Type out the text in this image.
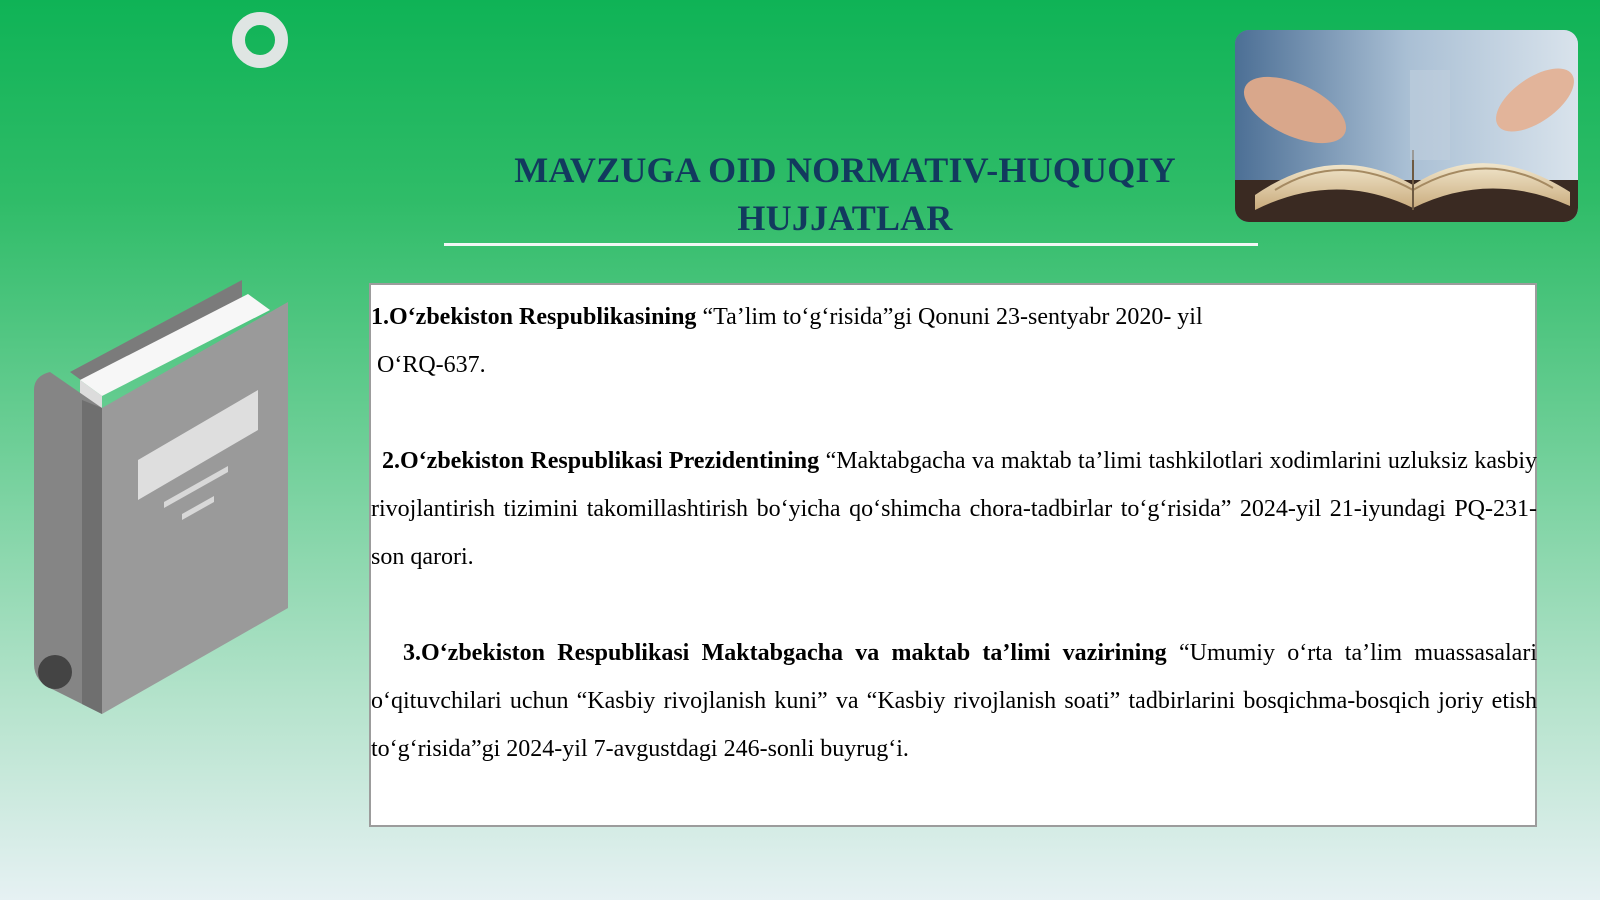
MAVZUGA OID NORMATIV-HUQUQIY HUJJATLAR
1.O‘zbekiston Respublikasining “Ta’lim to‘g‘risida”gi Qonuni 23-sentyabr 2020- yil
O‘RQ-637.
2.O‘zbekiston Respublikasi Prezidentining “Maktabgacha va maktab ta’limi tashkilotlari xodimlarini uzluksiz kasbiy rivojlantirish tizimini takomillashtirish bo‘yicha qo‘shimcha chora-tadbirlar to‘g‘risida” 2024-yil 21-iyundagi PQ-231-son qarori.
3.O‘zbekiston Respublikasi Maktabgacha va maktab ta’limi vazirining “Umumiy o‘rta ta’lim muassasalari o‘qituvchilari uchun “Kasbiy rivojlanish kuni” va “Kasbiy rivojlanish soati” tadbirlarini bosqichma-bosqich joriy etish to‘g‘risida”gi 2024-yil 7-avgustdagi 246-sonli buyrug‘i.
